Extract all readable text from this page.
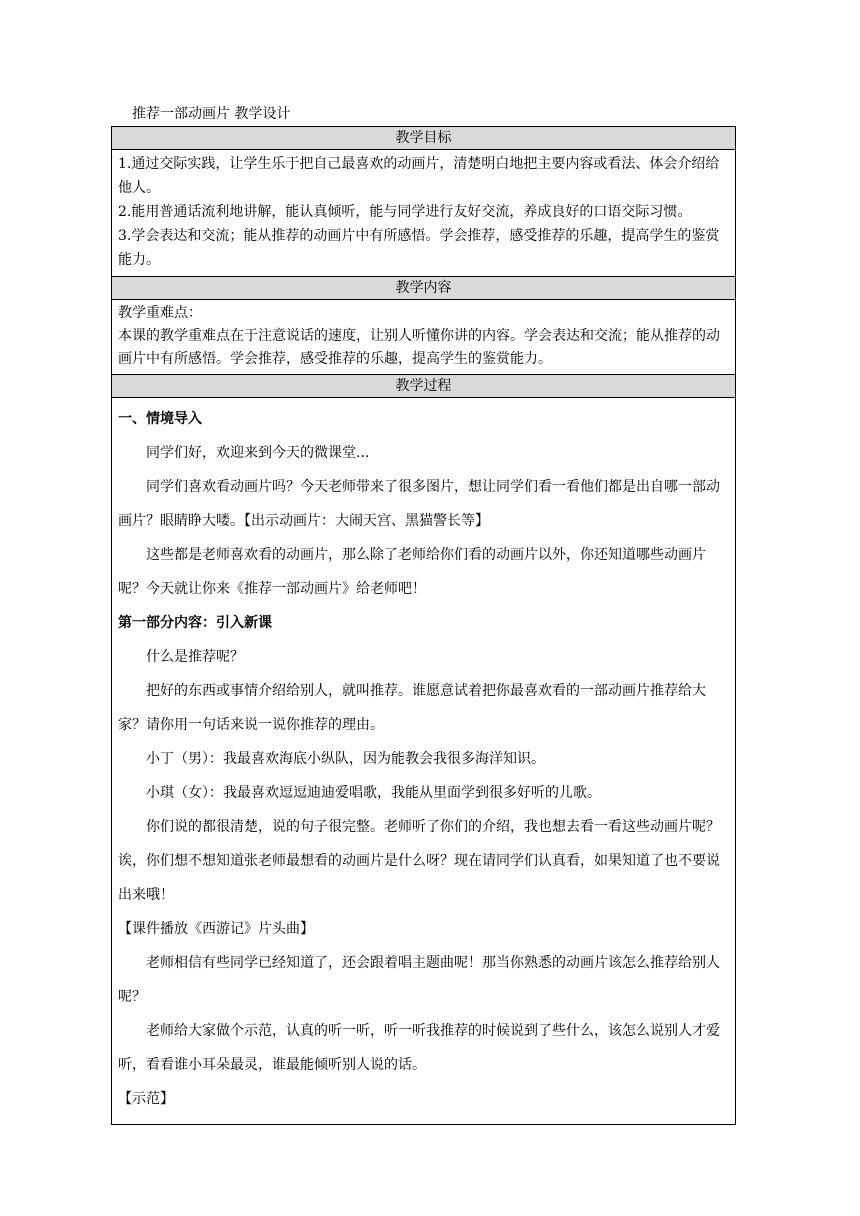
推荐一部动画片 教学设计
教学目标

1.通过交际实践，让学生乐于把自己最喜欢的动画片，清楚明白地把主要内容或看法、体会介绍给他人。

2.能用普通话流利地讲解，能认真倾听，能与同学进行友好交流，养成良好的口语交际习惯。

3.学会表达和交流；能从推荐的动画片中有所感悟。学会推荐，感受推荐的乐趣，提高学生的鉴赏能力。

教学内容

教学重难点：

本课的教学重难点在于注意说话的速度，让别人听懂你讲的内容。学会表达和交流；能从推荐的动画片中有所感悟。学会推荐，感受推荐的乐趣，提高学生的鉴赏能力。

教学过程

一、情境导入

同学们好，欢迎来到今天的微课堂...

同学们喜欢看动画片吗？今天老师带来了很多图片，想让同学们看一看他们都是出自哪一部动画片？眼睛睁大喽。【出示动画片：大闹天宫、黑猫警长等】

这些都是老师喜欢看的动画片，那么除了老师给你们看的动画片以外，你还知道哪些动画片呢？今天就让你来《推荐一部动画片》给老师吧！

第一部分内容：引入新课

什么是推荐呢？

把好的东西或事情介绍给别人，就叫推荐。谁愿意试着把你最喜欢看的一部动画片推荐给大家？请你用一句话来说一说你推荐的理由。

小丁（男）：我最喜欢海底小纵队，因为能教会我很多海洋知识。

小琪（女）：我最喜欢逗逗迪迪爱唱歌，我能从里面学到很多好听的儿歌。

你们说的都很清楚，说的句子很完整。老师听了你们的介绍，我也想去看一看这些动画片呢？诶，你们想不想知道张老师最想看的动画片是什么呀？现在请同学们认真看，如果知道了也不要说出来哦！

【课件播放《西游记》片头曲】

老师相信有些同学已经知道了，还会跟着唱主题曲呢！那当你熟悉的动画片该怎么推荐给别人呢？

老师给大家做个示范，认真的听一听，听一听我推荐的时候说到了些什么，该怎么说别人才爱听，看看谁小耳朵最灵，谁最能倾听别人说的话。

【示范】
